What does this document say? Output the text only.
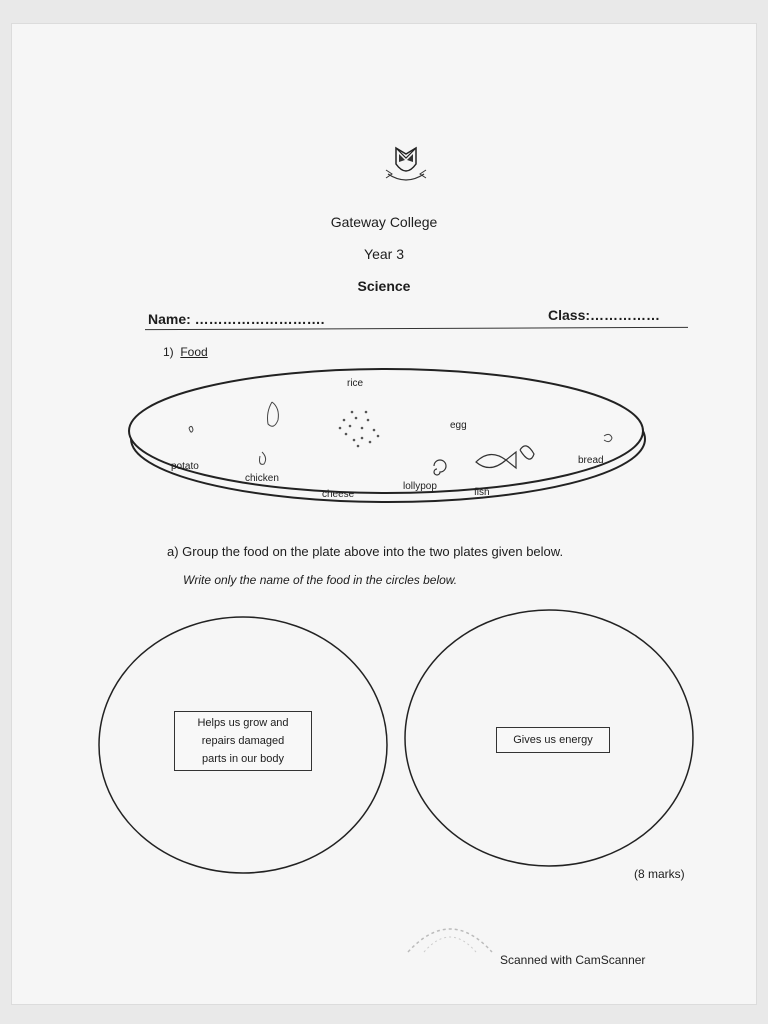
Gateway College
Year 3
Science
Name: ……………………….	Class:……………
1) Food
rice
egg
potato
chicken
cheese
lollypop
fish
bread
a) Group the food on the plate above into the two plates given below.
Write only the name of the food in the circles below.
Helps us grow and
repairs damaged
parts in our body
Gives us energy
(8 marks)
Scanned with CamScanner
